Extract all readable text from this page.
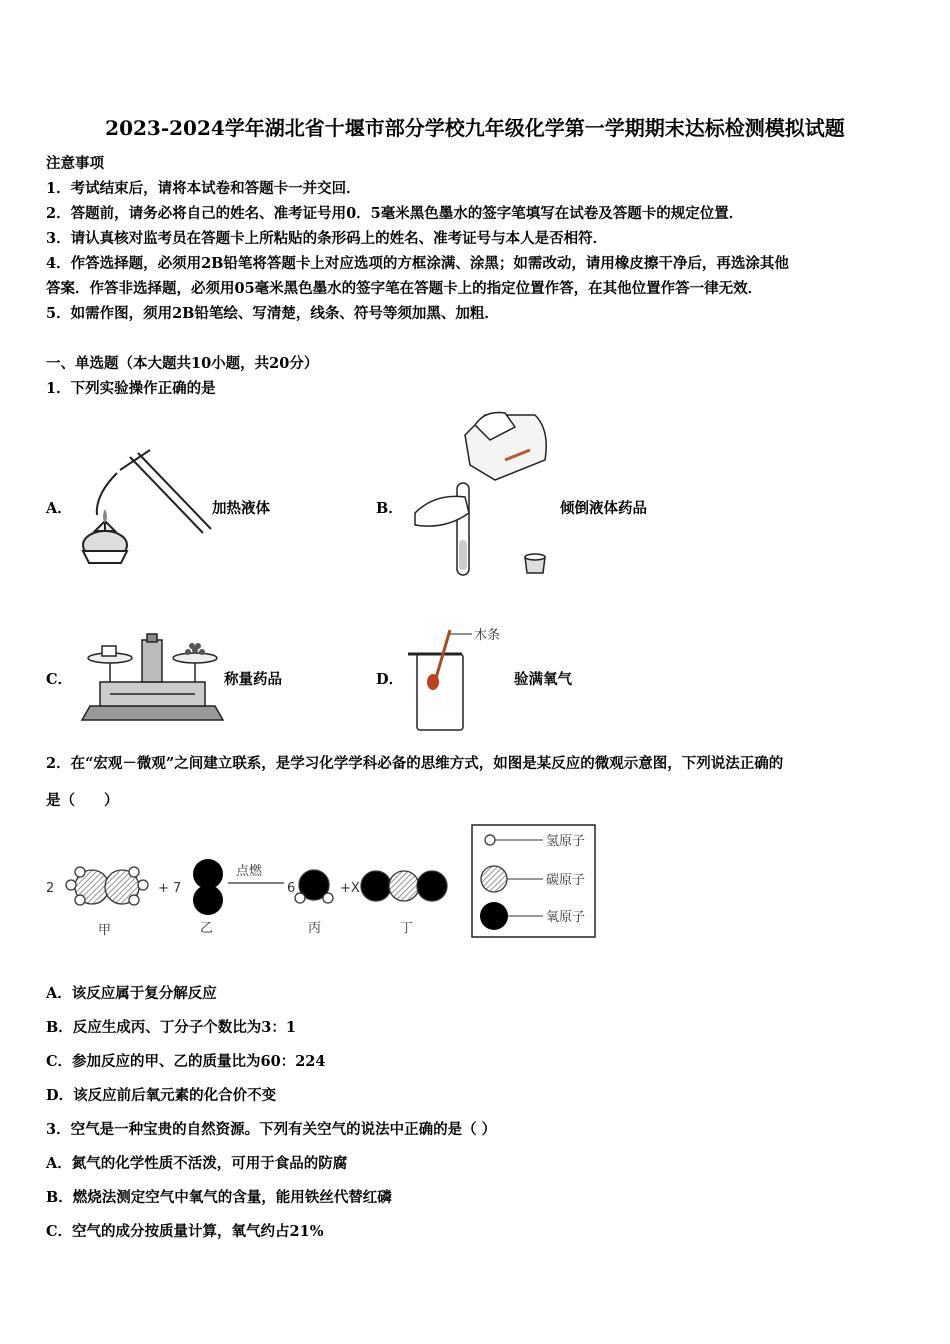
2023-2024学年湖北省十堰市部分学校九年级化学第一学期期末达标检测模拟试题
注意事项
1．考试结束后，请将本试卷和答题卡一并交回．
2．答题前，请务必将自己的姓名、准考证号用0．5毫米黑色墨水的签字笔填写在试卷及答题卡的规定位置．
3．请认真核对监考员在答题卡上所粘贴的条形码上的姓名、准考证号与本人是否相符．
4．作答选择题，必须用2B铅笔将答题卡上对应选项的方框涂满、涂黑；如需改动，请用橡皮擦干净后，再选涂其他
答案．作答非选择题，必须用05毫米黑色墨水的签字笔在答题卡上的指定位置作答，在其他位置作答一律无效．
5．如需作图，须用2B铅笔绘、写清楚，线条、符号等须加黑、加粗．
一、单选题（本大题共10小题，共20分）
1．下列实验操作正确的是
A．	加热液体	B．	倾倒液体药品
C．	称量药品	D．	验满氧气
木条
2．在“宏观－微观”之间建立联系，是学习化学学科必备的思维方式，如图是某反应的微观示意图，下列说法正确的
是（　　）
2	+ 7
点燃
6	+X
甲	乙	丙	丁
氢原子
碳原子
氧原子
A．该反应属于复分解反应
B．反应生成丙、丁分子个数比为3：1
C．参加反应的甲、乙的质量比为60：224
D．该反应前后氧元素的化合价不变
3．空气是一种宝贵的自然资源。下列有关空气的说法中正确的是（ ）
A．氮气的化学性质不活泼，可用于食品的防腐
B．燃烧法测定空气中氧气的含量，能用铁丝代替红磷
C．空气的成分按质量计算，氧气约占21%
